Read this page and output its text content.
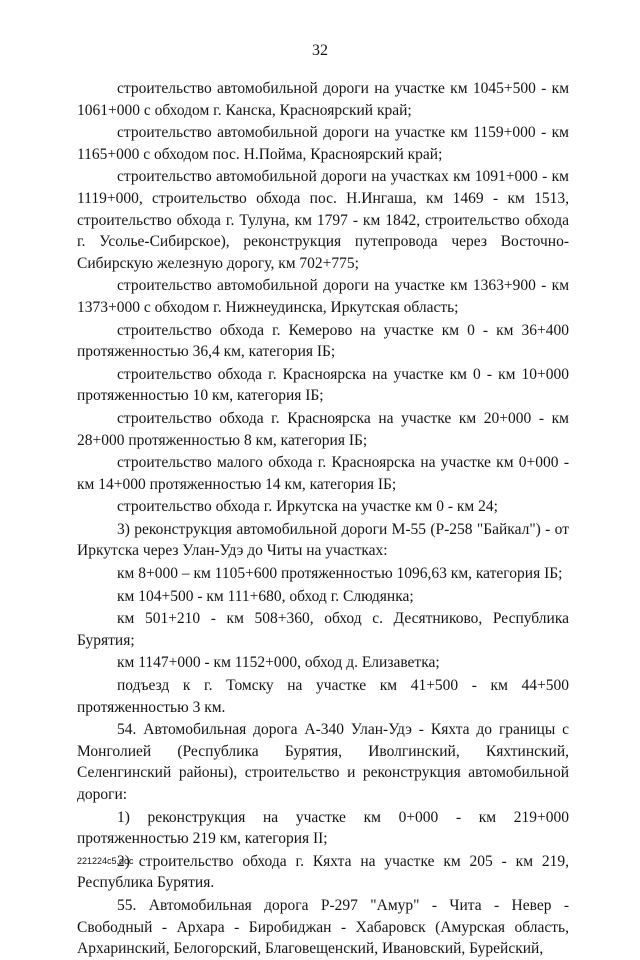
32

строительство автомобильной дороги на участке км 1045+500 - км 1061+000 с обходом г. Канска, Красноярский край;

строительство автомобильной дороги на участке км 1159+000 - км 1165+000 с обходом пос. Н.Пойма, Красноярский край;

строительство автомобильной дороги на участках км 1091+000 - км 1119+000, строительство обхода пос. Н.Ингаша, км 1469 - км 1513, строительство обхода г. Тулуна, км 1797 - км 1842, строительство обхода г. Усолье-Сибирское), реконструкция путепровода через Восточно-Сибирскую железную дорогу, км 702+775;

строительство автомобильной дороги на участке км 1363+900 - км 1373+000 с обходом г. Нижнеудинска, Иркутская область;

строительство обхода г. Кемерово на участке км 0 - км 36+400 протяженностью 36,4 км, категория IБ;

строительство обхода г. Красноярска на участке км 0 - км 10+000 протяженностью 10 км, категория IБ;

строительство обхода г. Красноярска на участке км 20+000 - км 28+000 протяженностью 8 км, категория IБ;

строительство малого обхода г. Красноярска на участке км 0+000 - км 14+000 протяженностью 14 км, категория IБ;

строительство обхода г. Иркутска на участке км 0 - км 24;

3) реконструкция автомобильной дороги М-55 (Р-258 "Байкал") - от Иркутска через Улан-Удэ до Читы на участках:

км 8+000 – км 1105+600 протяженностью 1096,63 км, категория IБ;

км 104+500 - км 111+680, обход г. Слюдянка;

км 501+210 - км 508+360, обход с. Десятниково, Республика Бурятия;

км 1147+000 - км 1152+000, обход д. Елизаветка;

подъезд к г. Томску на участке км 41+500 - км 44+500 протяженностью 3 км.

54. Автомобильная дорога А-340 Улан-Удэ - Кяхта до границы с Монголией (Республика Бурятия, Иволгинский, Кяхтинский, Селенгинский районы), строительство и реконструкция автомобильной дороги:

1) реконструкция на участке км 0+000 - км 219+000 протяженностью 219 км, категория II;

2) строительство обхода г. Кяхта на участке км 205 - км 219, Республика Бурятия.

55. Автомобильная дорога Р-297 "Амур" - Чита - Невер - Свободный - Архара - Биробиджан - Хабаровск (Амурская область, Архаринский, Белогорский, Благовещенский, Ивановский, Бурейский,

221224c5.doc
